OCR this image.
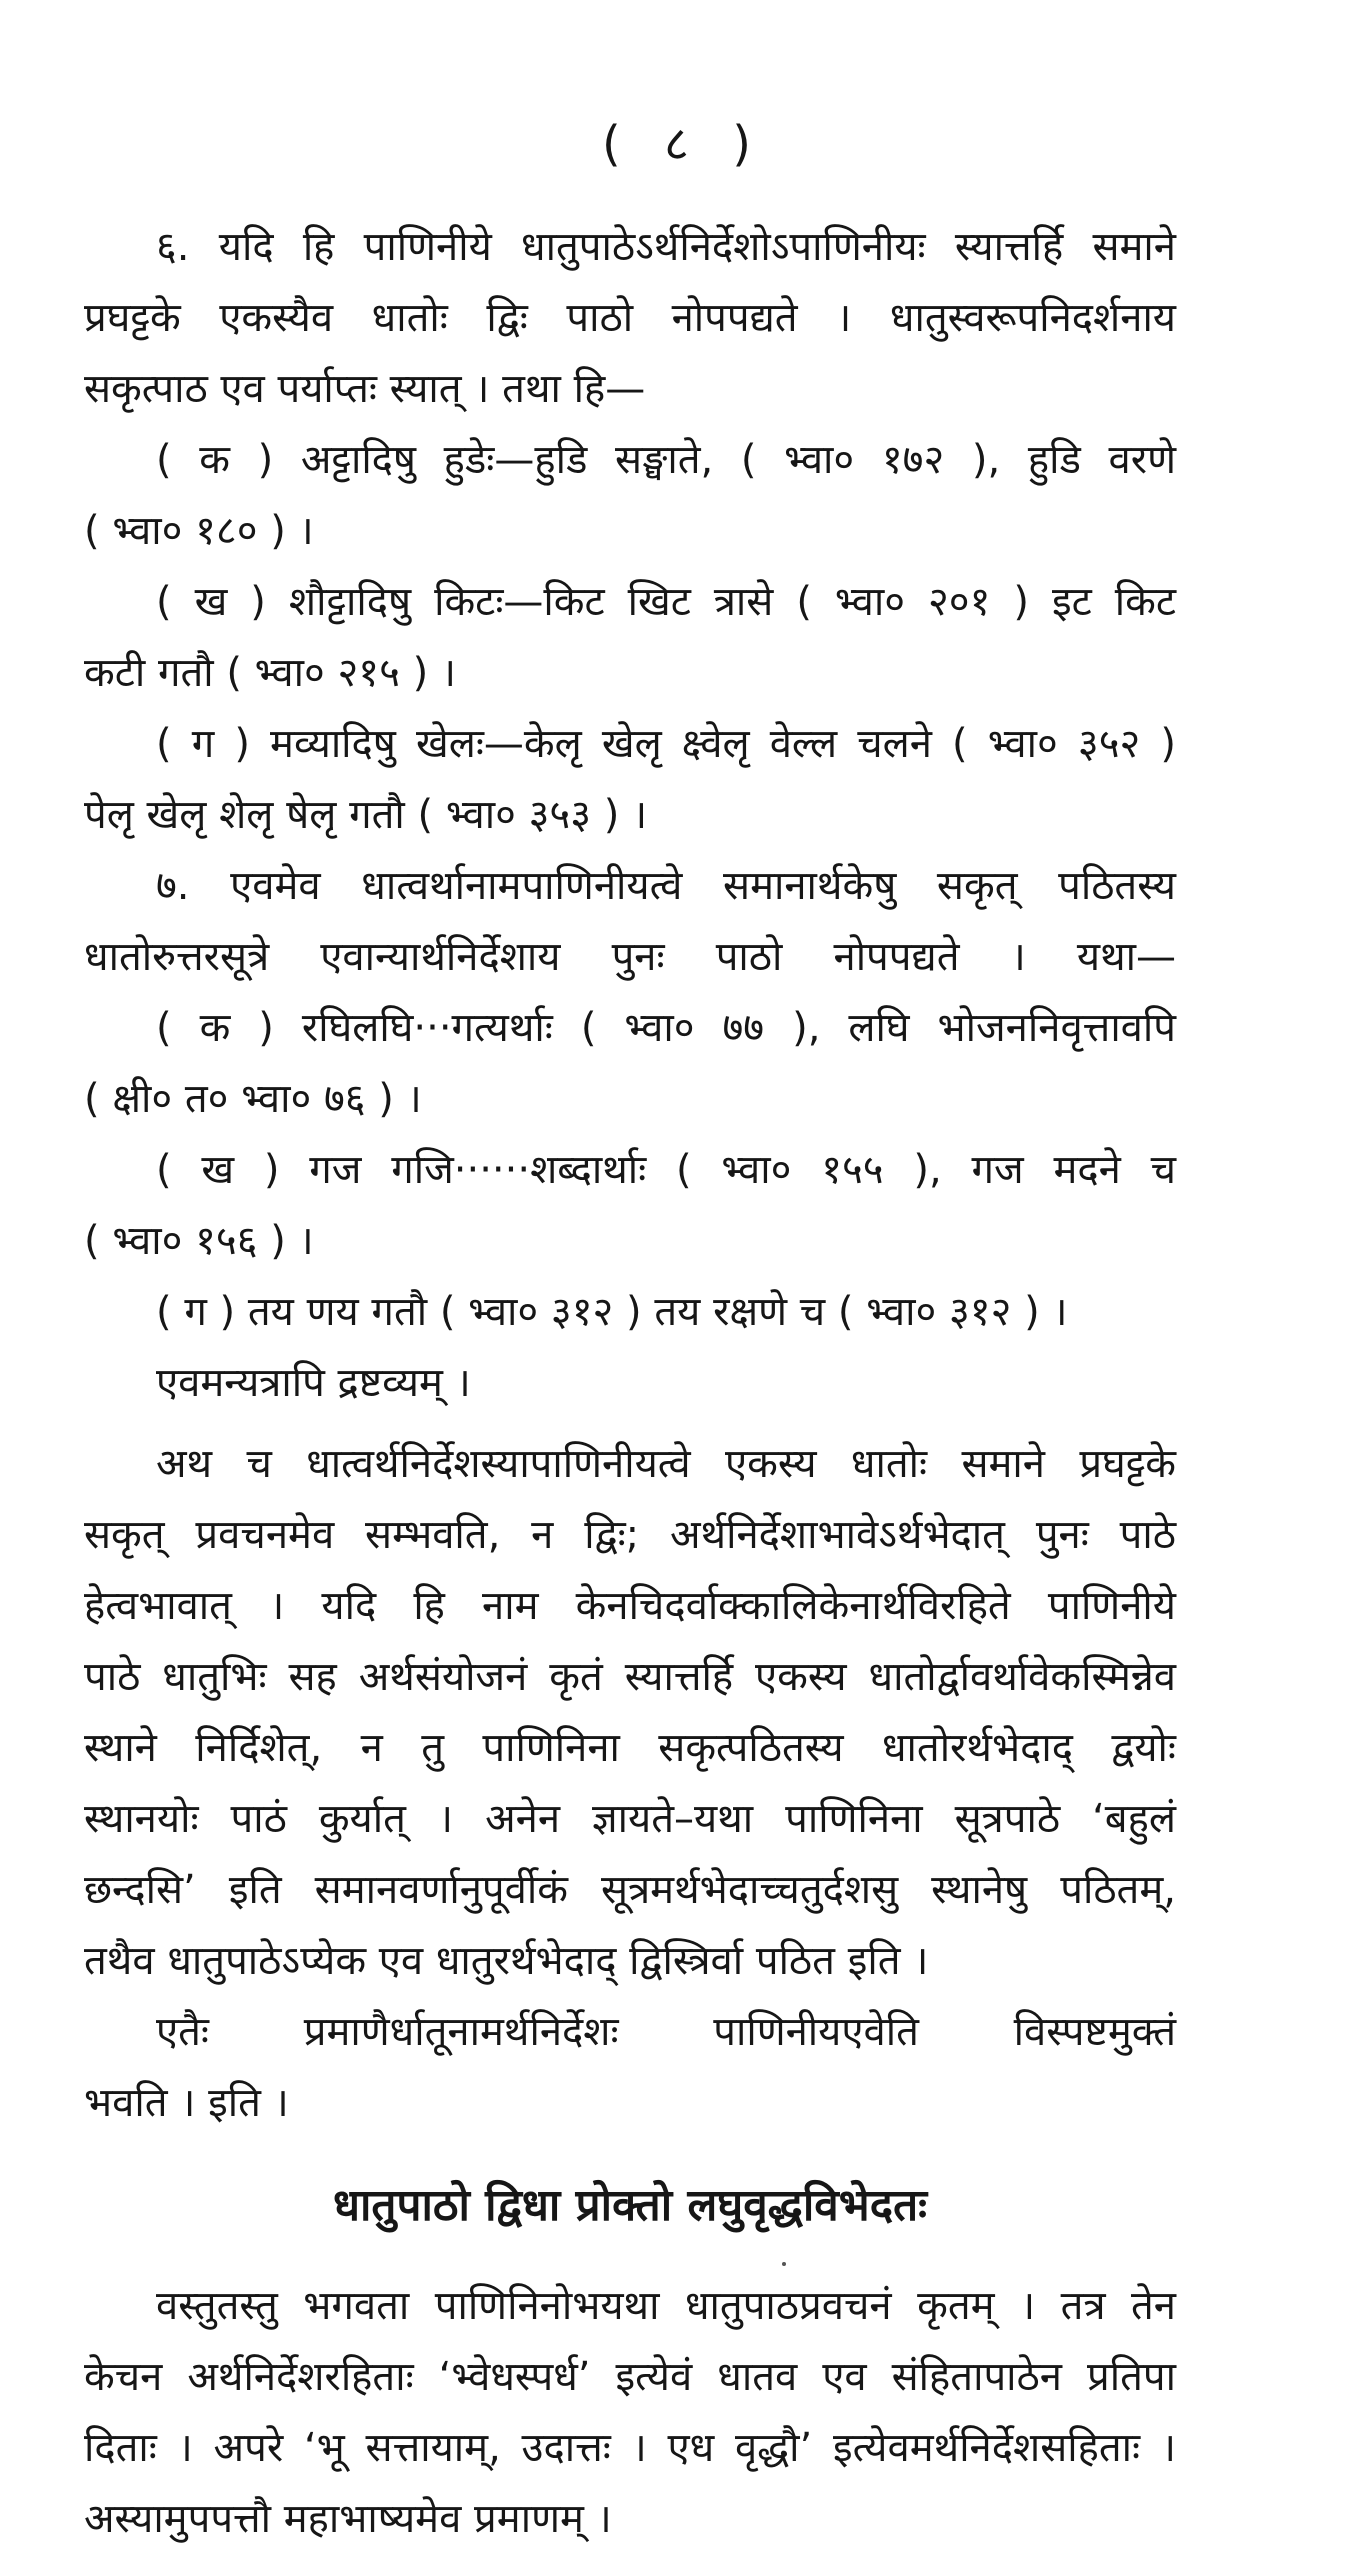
( ८ )
६. यदि हि पाणिनीये धातुपाठेऽर्थनिर्देशोऽपाणिनीयः स्यात्तर्हि समाने
प्रघट्टके एकस्यैव धातोः द्विः पाठो नोपपद्यते । धातुस्वरूपनिदर्शनाय
सकृत्पाठ एव पर्याप्तः स्यात् । तथा हि—
( क ) अट्टादिषु हुडेः—हुडि सङ्घाते, ( भ्वा० १७२ ), हुडि वरणे
( भ्वा० १८० ) ।
( ख ) शौट्टादिषु किटः—किट खिट त्रासे ( भ्वा० २०१ ) इट किट
कटी गतौ ( भ्वा० २१५ ) ।
( ग ) मव्यादिषु खेलः—केलृ खेलृ क्ष्वेलृ वेल्ल चलने ( भ्वा० ३५२ )
पेलृ खेलृ शेलृ षेलृ गतौ ( भ्वा० ३५३ ) ।
७. एवमेव धात्वर्थानामपाणिनीयत्वे समानार्थकेषु सकृत् पठितस्य
धातोरुत्तरसूत्रे एवान्यार्थनिर्देशाय पुनः पाठो नोपपद्यते । यथा—
( क ) रघिलघि···गत्यर्थाः ( भ्वा० ७७ ), लघि भोजननिवृत्तावपि
( क्षी० त० भ्वा० ७६ ) ।
( ख ) गज गजि······शब्दार्थाः ( भ्वा० १५५ ), गज मदने च
( भ्वा० १५६ ) ।
( ग ) तय णय गतौ ( भ्वा० ३१२ ) तय रक्षणे च ( भ्वा० ३१२ ) ।
एवमन्यत्रापि द्रष्टव्यम् ।
अथ च धात्वर्थनिर्देशस्यापाणिनीयत्वे एकस्य धातोः समाने प्रघट्टके
सकृत् प्रवचनमेव सम्भवति, न द्विः; अर्थनिर्देशाभावेऽर्थभेदात् पुनः पाठे
हेत्वभावात् । यदि हि नाम केनचिदर्वाक्कालिकेनार्थविरहिते पाणिनीये
पाठे धातुभिः सह अर्थसंयोजनं कृतं स्यात्तर्हि एकस्य धातोर्द्वावर्थावेकस्मिन्नेव
स्थाने निर्दिशेत्, न तु पाणिनिना सकृत्पठितस्य धातोरर्थभेदाद् द्वयोः
स्थानयोः पाठं कुर्यात् । अनेन ज्ञायते–यथा पाणिनिना सूत्रपाठे ‘बहुलं
छन्दसि’ इति समानवर्णानुपूर्वीकं सूत्रमर्थभेदाच्चतुर्दशसु स्थानेषु पठितम्,
तथैव धातुपाठेऽप्येक एव धातुरर्थभेदाद् द्विस्त्रिर्वा पठित इति ।
एतैः प्रमाणैर्धातूनामर्थनिर्देशः पाणिनीयएवेति विस्पष्टमुक्तं
भवति । इति ।
धातुपाठो द्विधा प्रोक्तो लघुवृद्धविभेदतः
वस्तुतस्तु भगवता पाणिनिनोभयथा धातुपाठप्रवचनं कृतम् । तत्र तेन
केचन अर्थनिर्देशरहिताः ‘भ्वेधस्पर्ध’ इत्येवं धातव एव संहितापाठेन प्रतिपा
दिताः । अपरे ‘भू सत्तायाम्, उदात्तः । एध वृद्धौ’ इत्येवमर्थनिर्देशसहिताः ।
अस्यामुपपत्तौ महाभाष्यमेव प्रमाणम् ।
